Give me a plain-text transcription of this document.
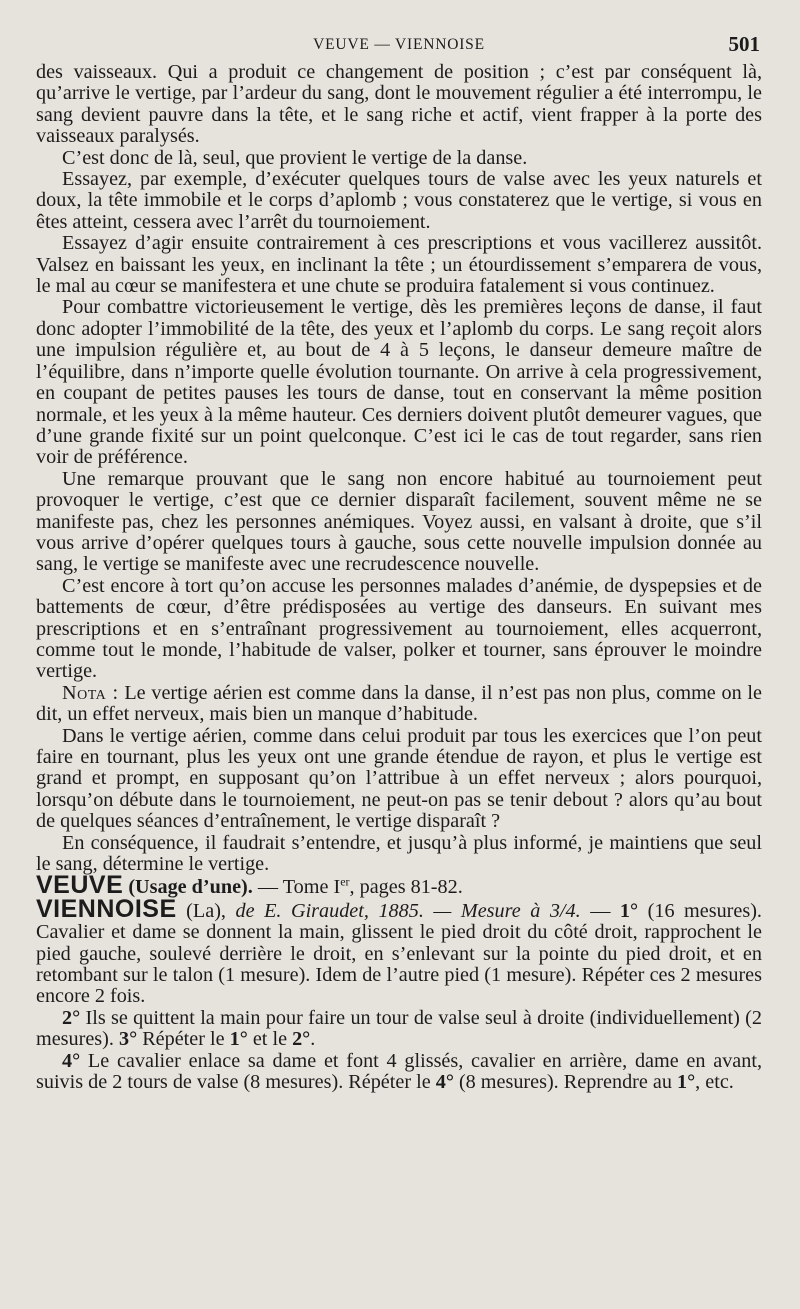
VEUVE — VIENNOISE	501

des vaisseaux. Qui a produit ce changement de position ; c’est par conséquent là, qu’arrive le vertige, par l’ardeur du sang, dont le mouvement régulier a été interrompu, le sang devient pauvre dans la tête, et le sang riche et actif, vient frapper à la porte des vaisseaux paralysés.

C’est donc de là, seul, que provient le vertige de la danse.

Essayez, par exemple, d’exécuter quelques tours de valse avec les yeux naturels et doux, la tête immobile et le corps d’aplomb ; vous constaterez que le vertige, si vous en êtes atteint, cessera avec l’arrêt du tournoiement.

Essayez d’agir ensuite contrairement à ces prescriptions et vous vacillerez aussitôt. Valsez en baissant les yeux, en inclinant la tête ; un étourdissement s’emparera de vous, le mal au cœur se manifestera et une chute se produira fatalement si vous continuez.

Pour combattre victorieusement le vertige, dès les premières leçons de danse, il faut donc adopter l’immobilité de la tête, des yeux et l’aplomb du corps. Le sang reçoit alors une impulsion régulière et, au bout de 4 à 5 leçons, le danseur demeure maître de l’équilibre, dans n’importe quelle évolution tournante. On arrive à cela progressivement, en coupant de petites pauses les tours de danse, tout en conservant la même position normale, et les yeux à la même hauteur. Ces derniers doivent plutôt demeurer vagues, que d’une grande fixité sur un point quelconque. C’est ici le cas de tout regarder, sans rien voir de préférence.

Une remarque prouvant que le sang non encore habitué au tournoiement peut provoquer le vertige, c’est que ce dernier disparaît facilement, souvent même ne se manifeste pas, chez les personnes anémiques. Voyez aussi, en valsant à droite, que s’il vous arrive d’opérer quelques tours à gauche, sous cette nouvelle impulsion donnée au sang, le vertige se manifeste avec une recrudescence nouvelle.

C’est encore à tort qu’on accuse les personnes malades d’anémie, de dyspepsies et de battements de cœur, d’être prédisposées au vertige des danseurs. En suivant mes prescriptions et en s’entraînant progressivement au tournoiement, elles acquerront, comme tout le monde, l’habitude de valser, polker et tourner, sans éprouver le moindre vertige.

Nota : Le vertige aérien est comme dans la danse, il n’est pas non plus, comme on le dit, un effet nerveux, mais bien un manque d’habitude.

Dans le vertige aérien, comme dans celui produit par tous les exercices que l’on peut faire en tournant, plus les yeux ont une grande étendue de rayon, et plus le vertige est grand et prompt, en supposant qu’on l’attribue à un effet nerveux ; alors pourquoi, lorsqu’on débute dans le tournoiement, ne peut-on pas se tenir debout ? alors qu’au bout de quelques séances d’entraînement, le vertige disparaît ?

En conséquence, il faudrait s’entendre, et jusqu’à plus informé, je maintiens que seul le sang, détermine le vertige.

VEUVE (Usage d’une). — Tome Ier, pages 81-82.

VIENNOISE (La), de E. Giraudet, 1885. — Mesure à 3/4. — 1° (16 mesures). Cavalier et dame se donnent la main, glissent le pied droit du côté droit, rapprochent le pied gauche, soulevé derrière le droit, en s’enlevant sur la pointe du pied droit, et en retombant sur le talon (1 mesure). Idem de l’autre pied (1 mesure). Répéter ces 2 mesures encore 2 fois.

2° Ils se quittent la main pour faire un tour de valse seul à droite (individuellement) (2 mesures). 3° Répéter le 1° et le 2°.

4° Le cavalier enlace sa dame et font 4 glissés, cavalier en arrière, dame en avant, suivis de 2 tours de valse (8 mesures). Répéter le 4° (8 mesures). Reprendre au 1°, etc.
